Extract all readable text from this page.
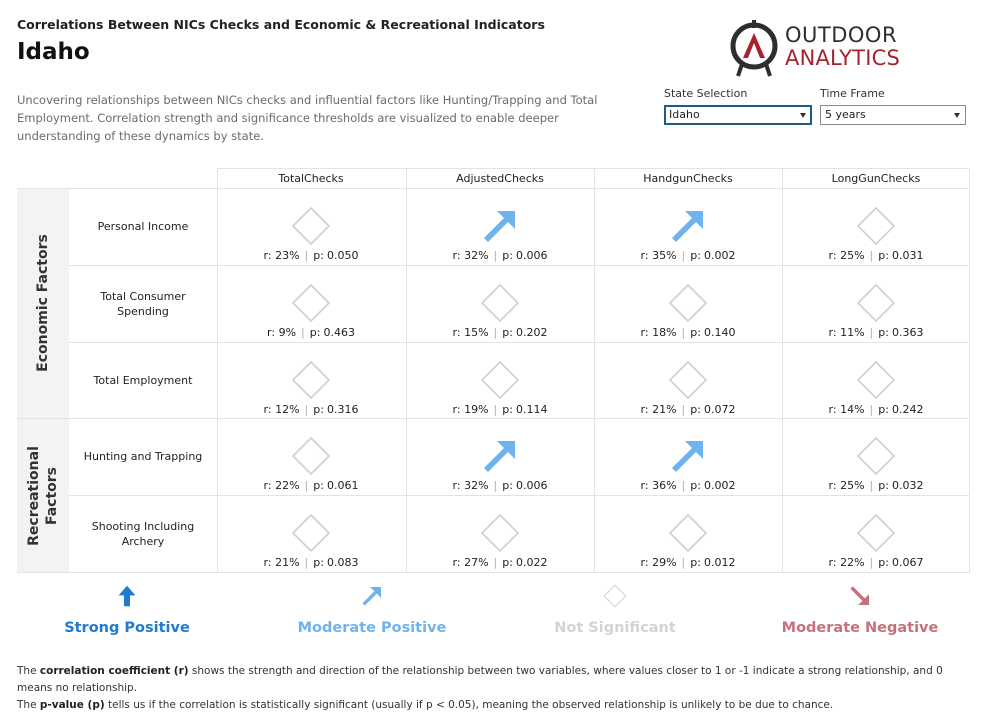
Correlations Between NICs Checks and Economic & Recreational Indicators
Idaho
OUTDOOR
ANALYTICS
Uncovering relationships between NICs checks and influential factors like Hunting/Trapping and Total Employment. Correlation strength and significance thresholds are visualized to enable deeper understanding of these dynamics by state.
State Selection
Idaho
Time Frame
5 years
Economic Factors
Recreational Factors
TotalChecks	AdjustedChecks	HandgunChecks	LongGunChecks
Personal Income
r: 23% | p: 0.050	r: 32% | p: 0.006	r: 35% | p: 0.002	r: 25% | p: 0.031
Total Consumer Spending
r: 9% | p: 0.463	r: 15% | p: 0.202	r: 18% | p: 0.140	r: 11% | p: 0.363
Total Employment
r: 12% | p: 0.316	r: 19% | p: 0.114	r: 21% | p: 0.072	r: 14% | p: 0.242
Hunting and Trapping
r: 22% | p: 0.061	r: 32% | p: 0.006	r: 36% | p: 0.002	r: 25% | p: 0.032
Shooting Including Archery
r: 21% | p: 0.083	r: 27% | p: 0.022	r: 29% | p: 0.012	r: 22% | p: 0.067
Strong Positive	Moderate Positive	Not Significant	Moderate Negative
The correlation coefficient (r) shows the strength and direction of the relationship between two variables, where values closer to 1 or -1 indicate a strong relationship, and 0 means no relationship.
The p-value (p) tells us if the correlation is statistically significant (usually if p < 0.05), meaning the observed relationship is unlikely to be due to chance.
